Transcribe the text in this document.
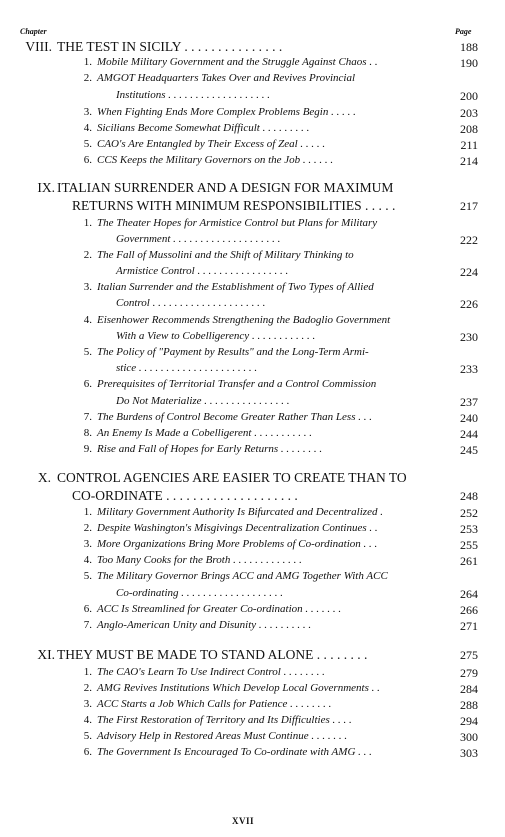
Chapter	Page
VIII. THE TEST IN SICILY . . . . . . . . . . . . . . .	188
1. Mobile Military Government and the Struggle Against Chaos . .	190
2. AMGOT Headquarters Takes Over and Revives Provincial
Institutions . . . . . . . . . . . . . . . . . . .	200
3. When Fighting Ends More Complex Problems Begin . . . . .	203
4. Sicilians Become Somewhat Difficult . . . . . . . . .	208
5. CAO's Are Entangled by Their Excess of Zeal . . . . .	211
6. CCS Keeps the Military Governors on the Job . . . . . .	214
IX. ITALIAN SURRENDER AND A DESIGN FOR MAXIMUM
RETURNS WITH MINIMUM RESPONSIBILITIES . . . . .	217
1. The Theater Hopes for Armistice Control but Plans for Military
Government . . . . . . . . . . . . . . . . . . . .	222
2. The Fall of Mussolini and the Shift of Military Thinking to
Armistice Control . . . . . . . . . . . . . . . . .	224
3. Italian Surrender and the Establishment of Two Types of Allied
Control . . . . . . . . . . . . . . . . . . . . .	226
4. Eisenhower Recommends Strengthening the Badoglio Government
With a View to Cobelligerency . . . . . . . . . . . .	230
5. The Policy of "Payment by Results" and the Long-Term Armi-
stice . . . . . . . . . . . . . . . . . . . . . .	233
6. Prerequisites of Territorial Transfer and a Control Commission
Do Not Materialize . . . . . . . . . . . . . . . .	237
7. The Burdens of Control Become Greater Rather Than Less . . .	240
8. An Enemy Is Made a Cobelligerent . . . . . . . . . . .	244
9. Rise and Fall of Hopes for Early Returns . . . . . . . .	245
X. CONTROL AGENCIES ARE EASIER TO CREATE THAN TO
CO-ORDINATE . . . . . . . . . . . . . . . . . . . .	248
1. Military Government Authority Is Bifurcated and Decentralized .	252
2. Despite Washington's Misgivings Decentralization Continues . .	253
3. More Organizations Bring More Problems of Co-ordination . . .	255
4. Too Many Cooks for the Broth . . . . . . . . . . . . .	261
5. The Military Governor Brings ACC and AMG Together With ACC
Co-ordinating . . . . . . . . . . . . . . . . . . .	264
6. ACC Is Streamlined for Greater Co-ordination . . . . . . .	266
7. Anglo-American Unity and Disunity . . . . . . . . . .	271
XI. THEY MUST BE MADE TO STAND ALONE . . . . . . . .	275
1. The CAO's Learn To Use Indirect Control . . . . . . . .	279
2. AMG Revives Institutions Which Develop Local Governments . .	284
3. ACC Starts a Job Which Calls for Patience . . . . . . . .	288
4. The First Restoration of Territory and Its Difficulties . . . .	294
5. Advisory Help in Restored Areas Must Continue . . . . . . .	300
6. The Government Is Encouraged To Co-ordinate with AMG . . .	303
XVII
